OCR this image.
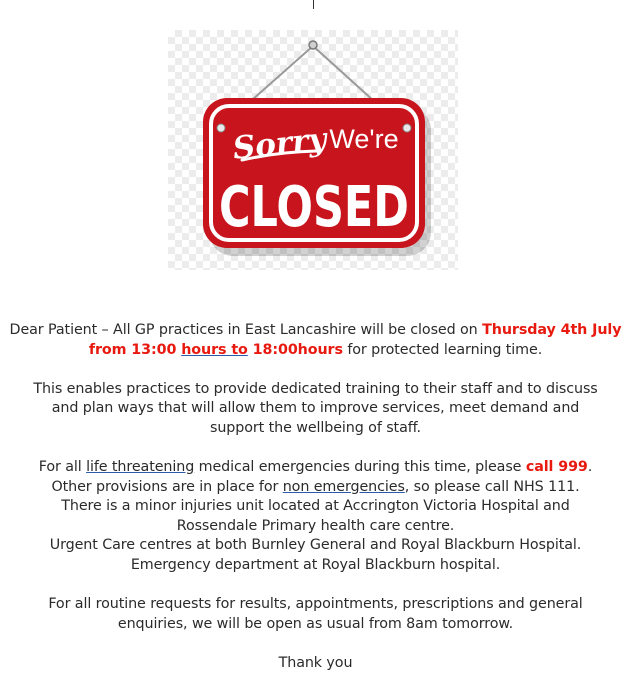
Sorry We're
CLOSED

Dear Patient – All GP practices in East Lancashire will be closed on Thursday 4th July
from 13:00 hours to 18:00hours for protected learning time.

This enables practices to provide dedicated training to their staff and to discuss and plan ways that will allow them to improve services, meet demand and support the wellbeing of staff.

For all life threatening medical emergencies during this time, please call 999. Other provisions are in place for non emergencies, so please call NHS 111.

There is a minor injuries unit located at Accrington Victoria Hospital and Rossendale Primary health care centre.

Urgent Care centres at both Burnley General and Royal Blackburn Hospital.

Emergency department at Royal Blackburn hospital.

For all routine requests for results, appointments, prescriptions and general enquiries, we will be open as usual from 8am tomorrow.

Thank you
